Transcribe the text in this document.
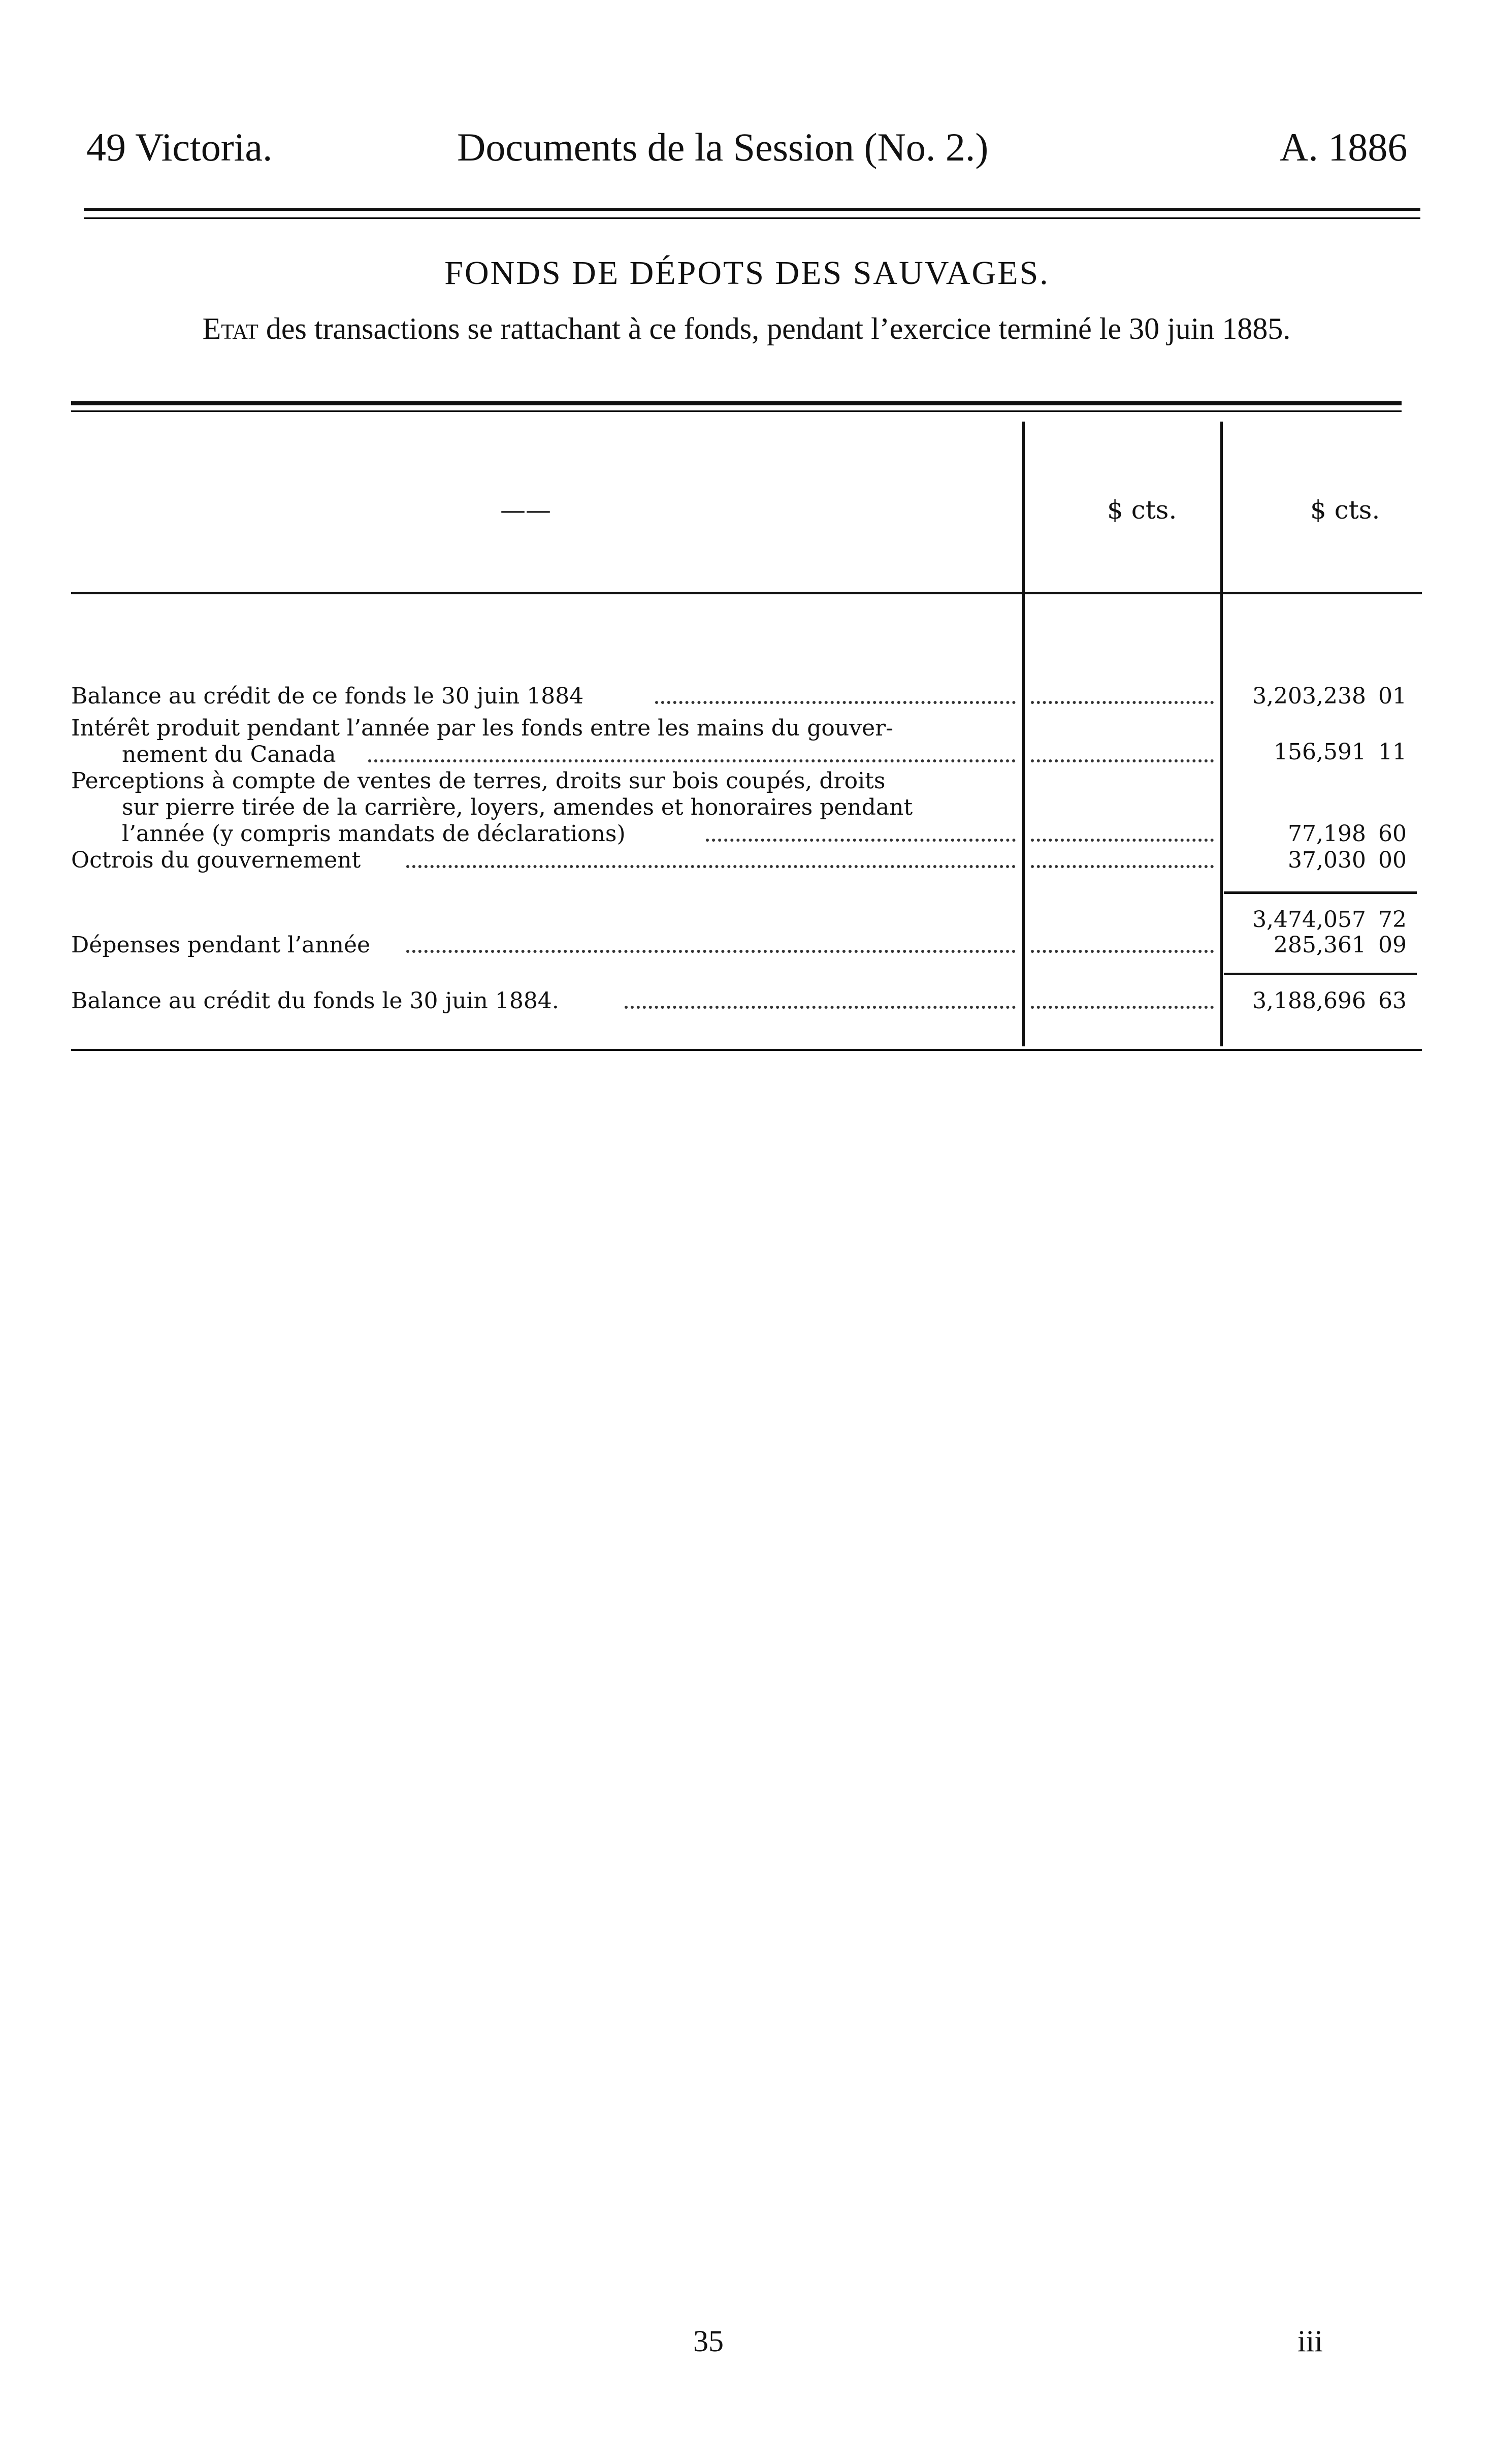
49 Victoria.	Documents de la Session (No. 2.)	A. 1886
FONDS DE DÉPOTS DES SAUVAGES.
Etat des transactions se rattachant à ce fonds, pendant l’exercice terminé le 30 juin 1885.
——	$ cts.	$ cts.
Balance au crédit de ce fonds le 30 juin 1884	3,203,238 01
Intérêt produit pendant l’année par les fonds entre les mains du gouver-
nement du Canada	156,591 11
Perceptions à compte de ventes de terres, droits sur bois coupés, droits
sur pierre tirée de la carrière, loyers, amendes et honoraires pendant
l’année (y compris mandats de déclarations)	77,198 60
Octrois du gouvernement	37,030 00
3,474,057 72
Dépenses pendant l’année	285,361 09
Balance au crédit du fonds le 30 juin 1884.	3,188,696 63
35	iii
